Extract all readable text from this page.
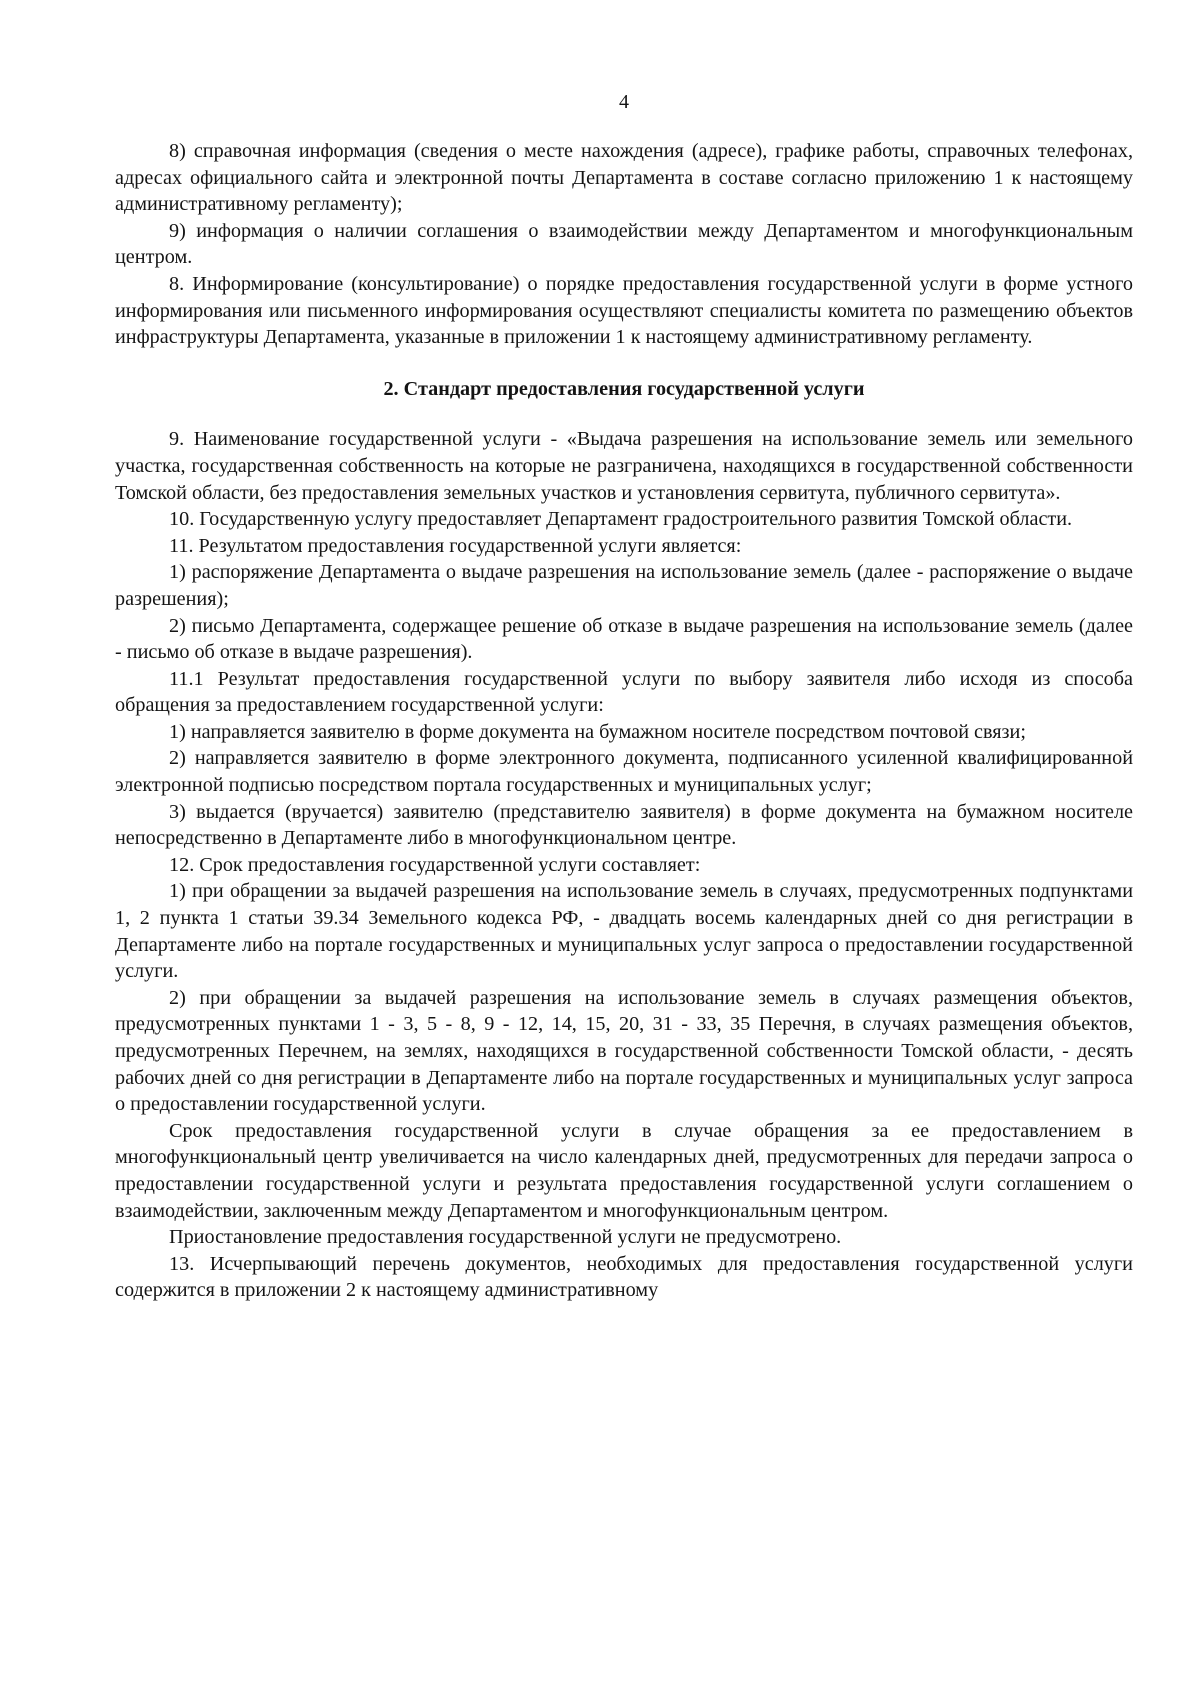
4

8) справочная информация (сведения о месте нахождения (адресе), графике работы, справочных телефонах, адресах официального сайта и электронной почты Департамента в составе согласно приложению 1 к настоящему административному регламенту);

9) информация о наличии соглашения о взаимодействии между Департаментом и многофункциональным центром.

8. Информирование (консультирование) о порядке предоставления государственной услуги в форме устного информирования или письменного информирования осуществляют специалисты комитета по размещению объектов инфраструктуры Департамента, указанные в приложении 1 к настоящему административному регламенту.

2. Стандарт предоставления государственной услуги

9. Наименование государственной услуги - «Выдача разрешения на использование земель или земельного участка, государственная собственность на которые не разграничена, находящихся в государственной собственности Томской области, без предоставления земельных участков и установления сервитута, публичного сервитута».

10. Государственную услугу предоставляет Департамент градостроительного развития Томской области.

11. Результатом предоставления государственной услуги является:

1) распоряжение Департамента о выдаче разрешения на использование земель (далее - распоряжение о выдаче разрешения);

2) письмо Департамента, содержащее решение об отказе в выдаче разрешения на использование земель (далее - письмо об отказе в выдаче разрешения).

11.1 Результат предоставления государственной услуги по выбору заявителя либо исходя из способа обращения за предоставлением государственной услуги:

1) направляется заявителю в форме документа на бумажном носителе посредством почтовой связи;

2) направляется заявителю в форме электронного документа, подписанного усиленной квалифицированной электронной подписью посредством портала государственных и муниципальных услуг;

3) выдается (вручается) заявителю (представителю заявителя) в форме документа на бумажном носителе непосредственно в Департаменте либо в многофункциональном центре.

12. Срок предоставления государственной услуги составляет:

1) при обращении за выдачей разрешения на использование земель в случаях, предусмотренных подпунктами 1, 2 пункта 1 статьи 39.34 Земельного кодекса РФ, - двадцать восемь календарных дней со дня регистрации в Департаменте либо на портале государственных и муниципальных услуг запроса о предоставлении государственной услуги.

2) при обращении за выдачей разрешения на использование земель в случаях размещения объектов, предусмотренных пунктами 1 - 3, 5 - 8, 9 - 12, 14, 15, 20, 31 - 33, 35 Перечня, в случаях размещения объектов, предусмотренных Перечнем, на землях, находящихся в государственной собственности Томской области, - десять рабочих дней со дня регистрации в Департаменте либо на портале государственных и муниципальных услуг запроса о предоставлении государственной услуги.

Срок предоставления государственной услуги в случае обращения за ее предоставлением в многофункциональный центр увеличивается на число календарных дней, предусмотренных для передачи запроса о предоставлении государственной услуги и результата предоставления государственной услуги соглашением о взаимодействии, заключенным между Департаментом и многофункциональным центром.

Приостановление предоставления государственной услуги не предусмотрено.

13. Исчерпывающий перечень документов, необходимых для предоставления государственной услуги содержится в приложении 2 к настоящему административному
